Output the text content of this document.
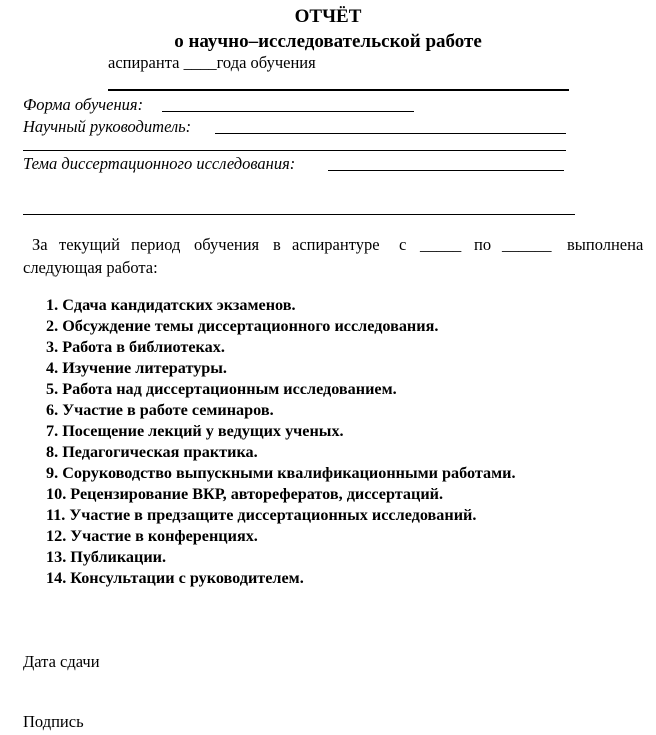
ОТЧЁТ
о научно–исследовательской работе
аспиранта ____года обучения
Форма обучения:
Научный руководитель:
Тема диссертационного исследования:
За текущий период обучения в аспирантуре с _____ по ______ выполнена
следующая работа:
1. Сдача кандидатских экзаменов.
2. Обсуждение темы диссертационного исследования.
3. Работа в библиотеках.
4. Изучение литературы.
5. Работа над диссертационным исследованием.
6. Участие в работе семинаров.
7. Посещение лекций у ведущих ученых.
8. Педагогическая практика.
9. Соруководство выпускными квалификационными работами.
10. Рецензирование ВКР, авторефератов, диссертаций.
11. Участие в предзащите диссертационных исследований.
12. Участие в конференциях.
13. Публикации.
14. Консультации с руководителем.
Дата сдачи
Подпись
